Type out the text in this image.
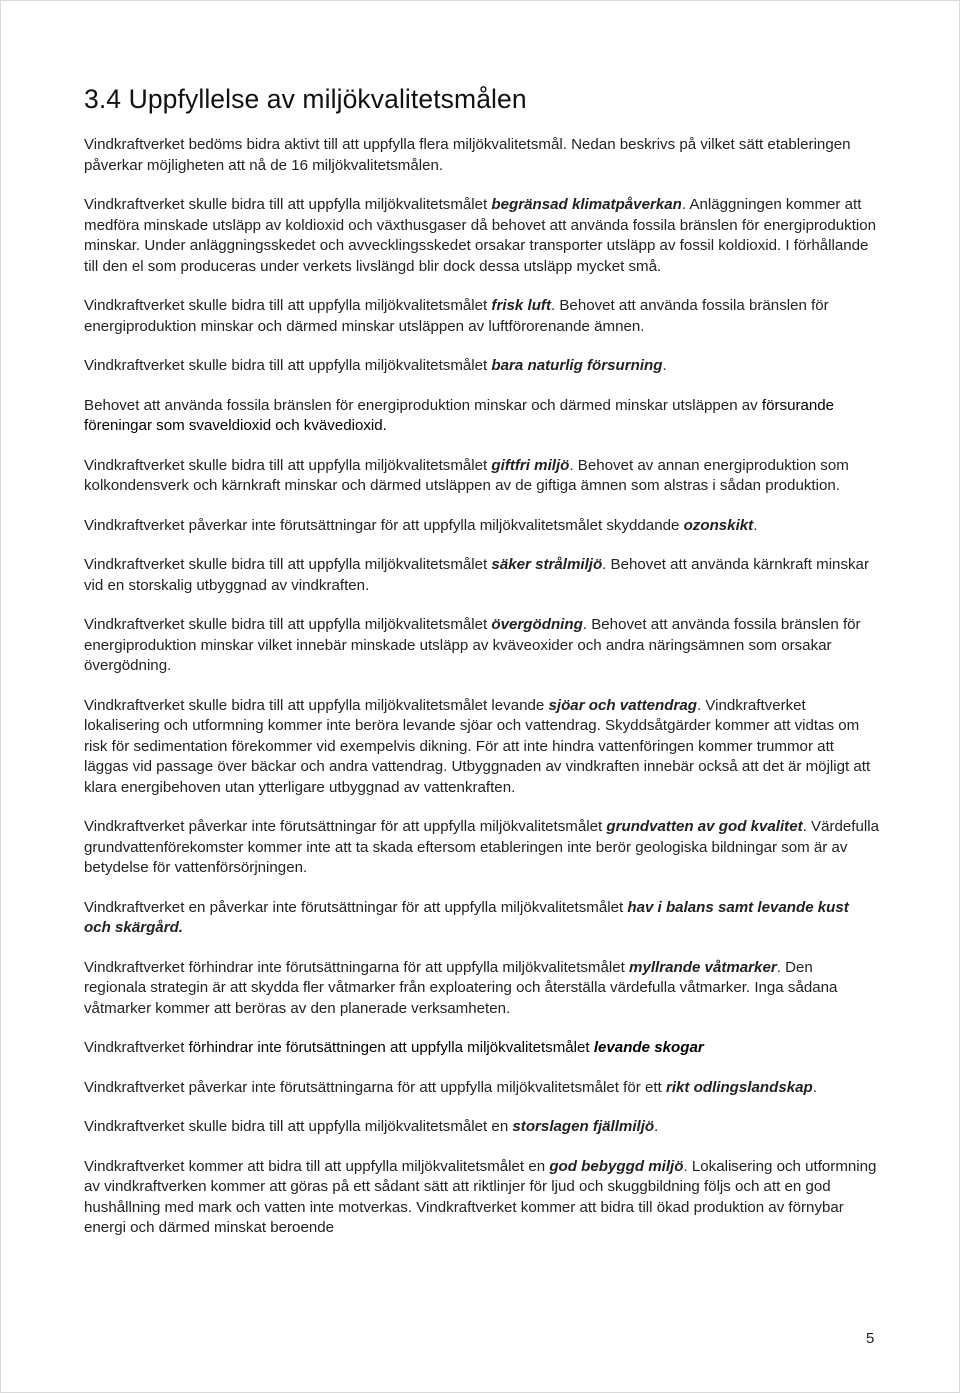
3.4 Uppfyllelse av miljökvalitetsmålen

Vindkraftverket bedöms bidra aktivt till att uppfylla flera miljökvalitetsmål. Nedan beskrivs på vilket sätt etableringen påverkar möjligheten att nå de 16 miljökvalitetsmålen.

Vindkraftverket skulle bidra till att uppfylla miljökvalitetsmålet begränsad klimatpåverkan. Anläggningen kommer att medföra minskade utsläpp av koldioxid och växthusgaser då behovet att använda fossila bränslen för energiproduktion minskar. Under anläggningsskedet och avvecklingsskedet orsakar transporter utsläpp av fossil koldioxid. I förhållande till den el som produceras under verkets livslängd blir dock dessa utsläpp mycket små.

Vindkraftverket skulle bidra till att uppfylla miljökvalitetsmålet frisk luft. Behovet att använda fossila bränslen för energiproduktion minskar och därmed minskar utsläppen av luftförorenande ämnen.

Vindkraftverket skulle bidra till att uppfylla miljökvalitetsmålet bara naturlig försurning.

Behovet att använda fossila bränslen för energiproduktion minskar och därmed minskar utsläppen av försurande föreningar som svaveldioxid och kvävedioxid.

Vindkraftverket skulle bidra till att uppfylla miljökvalitetsmålet giftfri miljö. Behovet av annan energiproduktion som kolkondensverk och kärnkraft minskar och därmed utsläppen av de giftiga ämnen som alstras i sådan produktion.

Vindkraftverket påverkar inte förutsättningar för att uppfylla miljökvalitetsmålet skyddande ozonskikt.

Vindkraftverket skulle bidra till att uppfylla miljökvalitetsmålet säker strålmiljö. Behovet att använda kärnkraft minskar vid en storskalig utbyggnad av vindkraften.

Vindkraftverket skulle bidra till att uppfylla miljökvalitetsmålet övergödning. Behovet att använda fossila bränslen för energiproduktion minskar vilket innebär minskade utsläpp av kväveoxider och andra näringsämnen som orsakar övergödning.

Vindkraftverket skulle bidra till att uppfylla miljökvalitetsmålet levande sjöar och vattendrag. Vindkraftverket lokalisering och utformning kommer inte beröra levande sjöar och vattendrag. Skyddsåtgärder kommer att vidtas om risk för sedimentation förekommer vid exempelvis dikning. För att inte hindra vattenföringen kommer trummor att läggas vid passage över bäckar och andra vattendrag. Utbyggnaden av vindkraften innebär också att det är möjligt att klara energibehoven utan ytterligare utbyggnad av vattenkraften.

Vindkraftverket påverkar inte förutsättningar för att uppfylla miljökvalitetsmålet grundvatten av god kvalitet. Värdefulla grundvattenförekomster kommer inte att ta skada eftersom etableringen inte berör geologiska bildningar som är av betydelse för vattenförsörjningen.

Vindkraftverket en påverkar inte förutsättningar för att uppfylla miljökvalitetsmålet hav i balans samt levande kust och skärgård.

Vindkraftverket förhindrar inte förutsättningarna för att uppfylla miljökvalitetsmålet myllrande våtmarker. Den regionala strategin är att skydda fler våtmarker från exploatering och återställa värdefulla våtmarker. Inga sådana våtmarker kommer att beröras av den planerade verksamheten.

Vindkraftverket förhindrar inte förutsättningen att uppfylla miljökvalitetsmålet levande skogar

Vindkraftverket påverkar inte förutsättningarna för att uppfylla miljökvalitetsmålet för ett rikt odlingslandskap.

Vindkraftverket skulle bidra till att uppfylla miljökvalitetsmålet en storslagen fjällmiljö.

Vindkraftverket kommer att bidra till att uppfylla miljökvalitetsmålet en god bebyggd miljö. Lokalisering och utformning av vindkraftverken kommer att göras på ett sådant sätt att riktlinjer för ljud och skuggbildning följs och att en god hushållning med mark och vatten inte motverkas. Vindkraftverket kommer att bidra till ökad produktion av förnybar energi och därmed minskat beroende

5
